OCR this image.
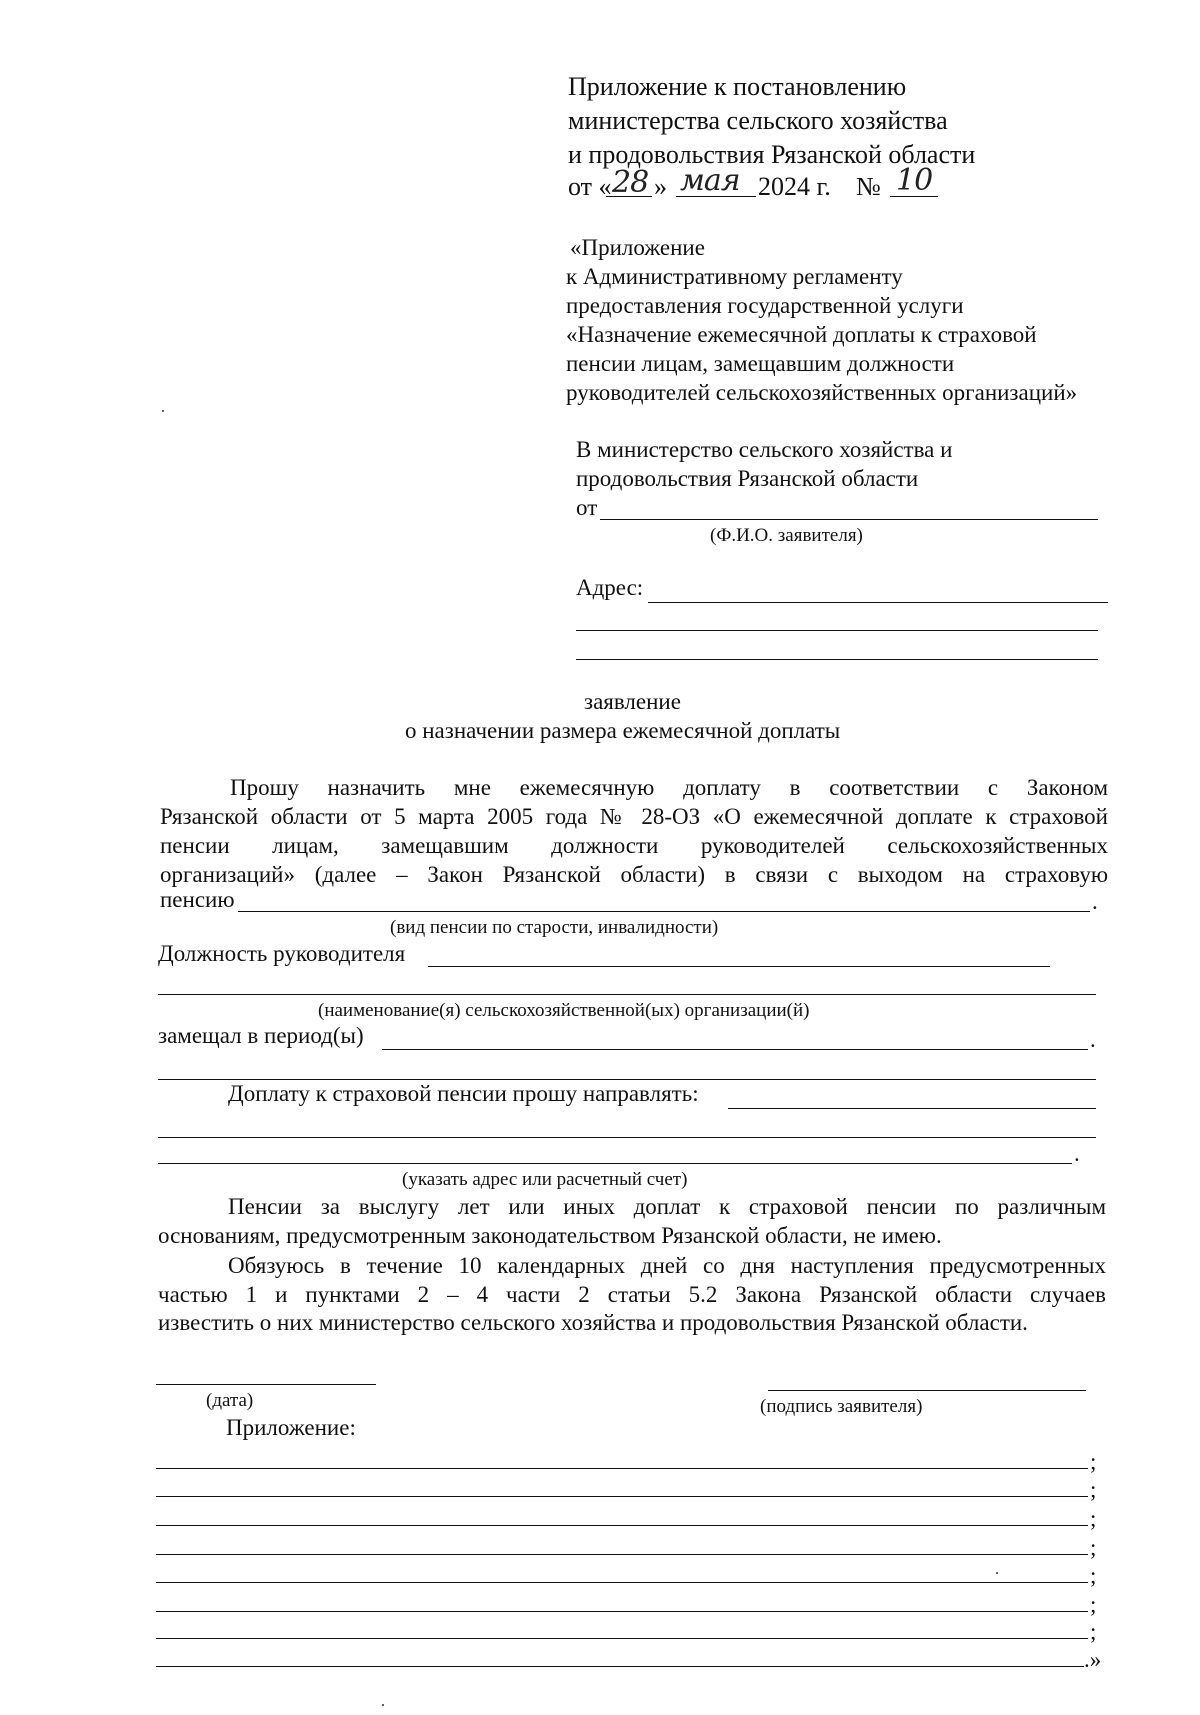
Приложение к постановлению
министерства сельского хозяйства
и продовольствия Рязанской области
от « 28 » мая 2024 г. № 10
«Приложение
к Административному регламенту
предоставления государственной услуги
«Назначение ежемесячной доплаты к страховой
пенсии лицам, замещавшим должности
руководителей сельскохозяйственных организаций»
В министерство сельского хозяйства и
продовольствия Рязанской области
от
(Ф.И.О. заявителя)
Адрес:
заявление
о назначении размера ежемесячной доплаты
Прошу назначить мне ежемесячную доплату в соответствии с Законом
Рязанской области от 5 марта 2005 года № 28-ОЗ «О ежемесячной доплате к страховой
пенсии лицам, замещавшим должности руководителей сельскохозяйственных
организаций» (далее – Закон Рязанской области) в связи с выходом на страховую
пенсию	.
(вид пенсии по старости, инвалидности)
Должность руководителя
(наименование(я) сельскохозяйственной(ых) организации(й)
замещал в период(ы)	.
Доплату к страховой пенсии прошу направлять:
.
(указать адрес или расчетный счет)
Пенсии за выслугу лет или иных доплат к страховой пенсии по различным
основаниям, предусмотренным законодательством Рязанской области, не имею.
Обязуюсь в течение 10 календарных дней со дня наступления предусмотренных
частью 1 и пунктами 2 – 4 части 2 статьи 5.2 Закона Рязанской области случаев
известить о них министерство сельского хозяйства и продовольствия Рязанской области.
(дата)	(подпись заявителя)
Приложение:
;
;
;
;
;
;
;
.»
